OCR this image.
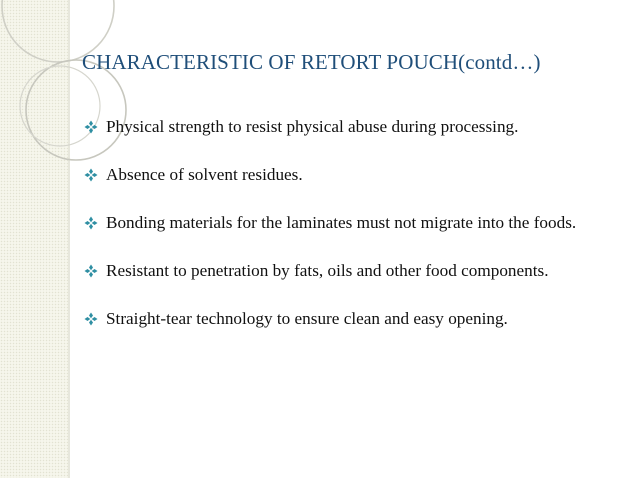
CHARACTERISTIC OF RETORT POUCH(contd…)
Physical strength to resist physical abuse during processing.
Absence of solvent residues.
Bonding materials for the laminates must not migrate into the foods.
Resistant to penetration by fats, oils and other food components.
Straight-tear technology to ensure clean and easy opening.
